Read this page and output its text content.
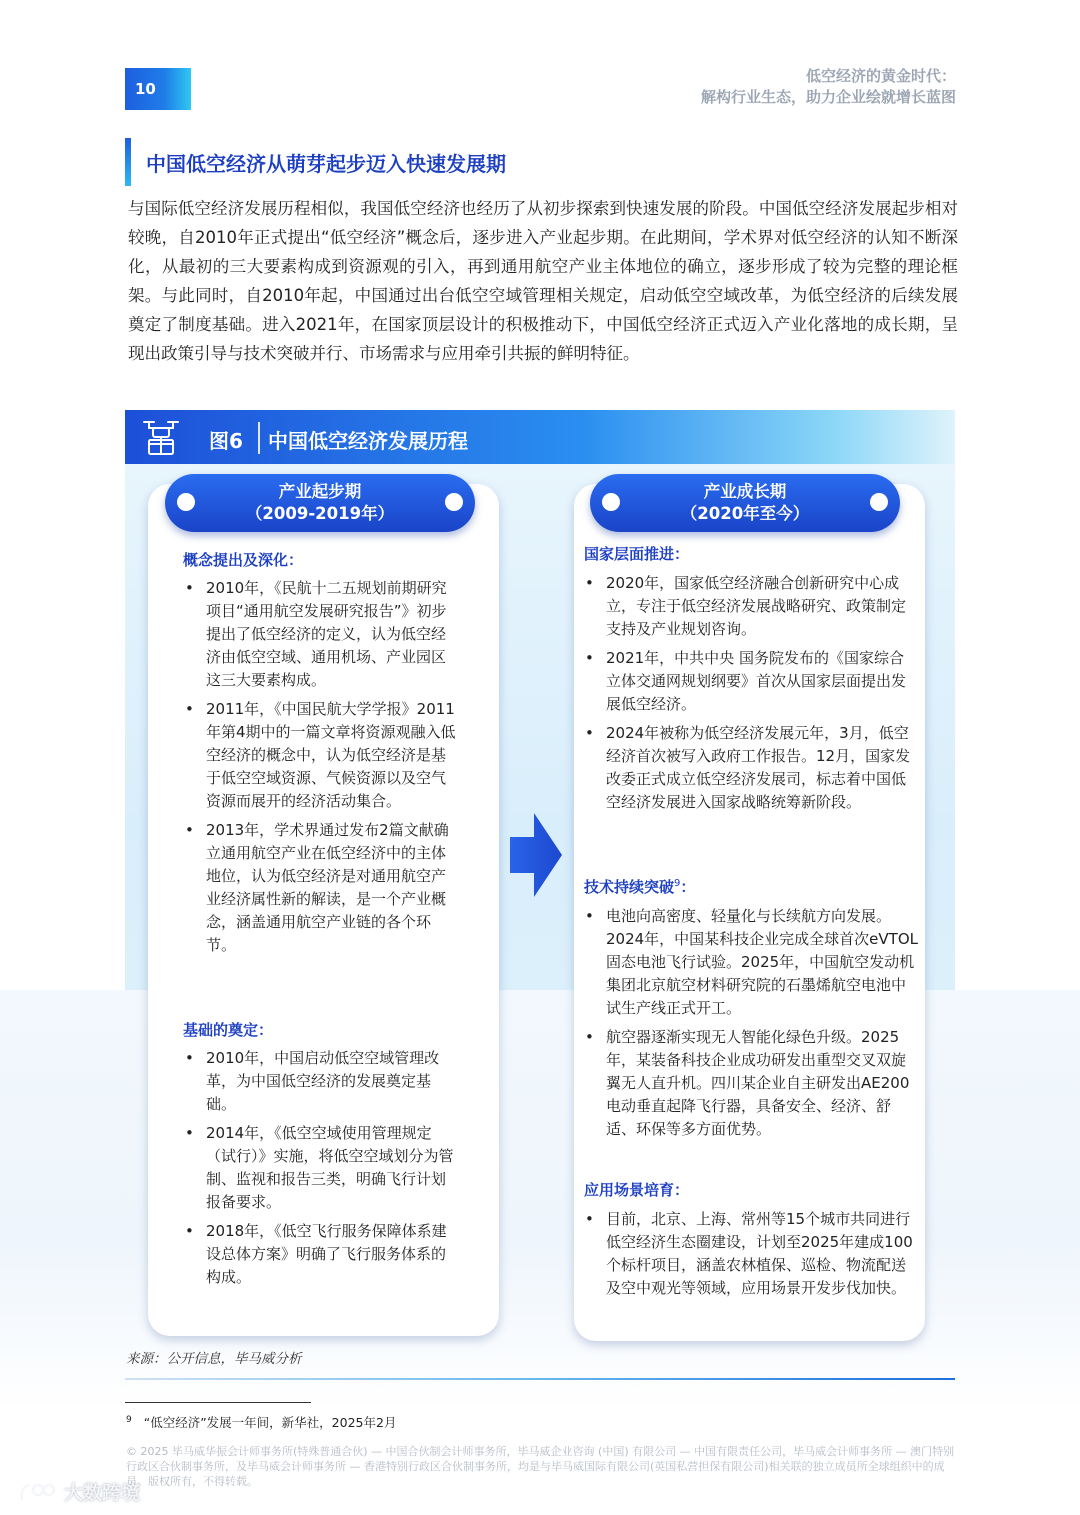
10
低空经济的黄金时代：
解构行业生态，助力企业绘就增长蓝图
中国低空经济从萌芽起步迈入快速发展期

与国际低空经济发展历程相似，我国低空经济也经历了从初步探索到快速发展的阶段。中国低空经济发展起步相对较晚，自2010年正式提出“低空经济”概念后，逐步进入产业起步期。在此期间，学术界对低空经济的认知不断深化，从最初的三大要素构成到资源观的引入，再到通用航空产业主体地位的确立，逐步形成了较为完整的理论框架。与此同时，自2010年起，中国通过出台低空空域管理相关规定，启动低空空域改革，为低空经济的后续发展奠定了制度基础。进入2021年，在国家顶层设计的积极推动下，中国低空经济正式迈入产业化落地的成长期，呈现出政策引导与技术突破并行、市场需求与应用牵引共振的鲜明特征。

图6 中国低空经济发展历程
产业起步期
（2009-2019年）
概念提出及深化：
• 2010年，《民航十二五规划前期研究项目“通用航空发展研究报告”》初步提出了低空经济的定义，认为低空经济由低空空域、通用机场、产业园区这三大要素构成。
• 2011年，《中国民航大学学报》2011年第4期中的一篇文章将资源观融入低空经济的概念中，认为低空经济是基于低空空域资源、气候资源以及空气资源而展开的经济活动集合。
• 2013年，学术界通过发布2篇文献确立通用航空产业在低空经济中的主体地位，认为低空经济是对通用航空产业经济属性新的解读，是一个产业概念，涵盖通用航空产业链的各个环节。
基础的奠定：
• 2010年，中国启动低空空域管理改革，为中国低空经济的发展奠定基础。
• 2014年，《低空空域使用管理规定（试行）》实施，将低空空域划分为管制、监视和报告三类，明确飞行计划报备要求。
• 2018年，《低空飞行服务保障体系建设总体方案》明确了飞行服务体系的构成。
产业成长期
（2020年至今）
国家层面推进：
• 2020年，国家低空经济融合创新研究中心成立，专注于低空经济发展战略研究、政策制定支持及产业规划咨询。
• 2021年，中共中央 国务院发布的《国家综合立体交通网规划纲要》首次从国家层面提出发展低空经济。
• 2024年被称为低空经济发展元年，3月，低空经济首次被写入政府工作报告。12月，国家发改委正式成立低空经济发展司，标志着中国低空经济发展进入国家战略统筹新阶段。
技术持续突破$^9$：
• 电池向高密度、轻量化与长续航方向发展。2024年，中国某科技企业完成全球首次eVTOL固态电池飞行试验。2025年，中国航空发动机集团北京航空材料研究院的石墨烯航空电池中试生产线正式开工。
• 航空器逐渐实现无人智能化绿色升级。2025年，某装备科技企业成功研发出重型交叉双旋翼无人直升机。四川某企业自主研发出AE200电动垂直起降飞行器，具备安全、经济、舒适、环保等多方面优势。
应用场景培育：
• 目前，北京、上海、常州等15个城市共同进行低空经济生态圈建设，计划至2025年建成100个标杆项目，涵盖农林植保、巡检、物流配送及空中观光等领域，应用场景开发步伐加快。
来源：公开信息，毕马威分析
$^9$ “低空经济”发展一年间，新华社，2025年2月
© 2025 毕马威华振会计师事务所(特殊普通合伙) — 中国合伙制会计师事务所，毕马威企业咨询 (中国) 有限公司 — 中国有限责任公司，毕马威会计师事务所 — 澳门特别行政区合伙制事务所，及毕马威会计师事务所 — 香港特别行政区合伙制事务所，均是与毕马威国际有限公司(英国私营担保有限公司)相关联的独立成员所全球组织中的成员。版权所有，不得转载。
大数跨境
